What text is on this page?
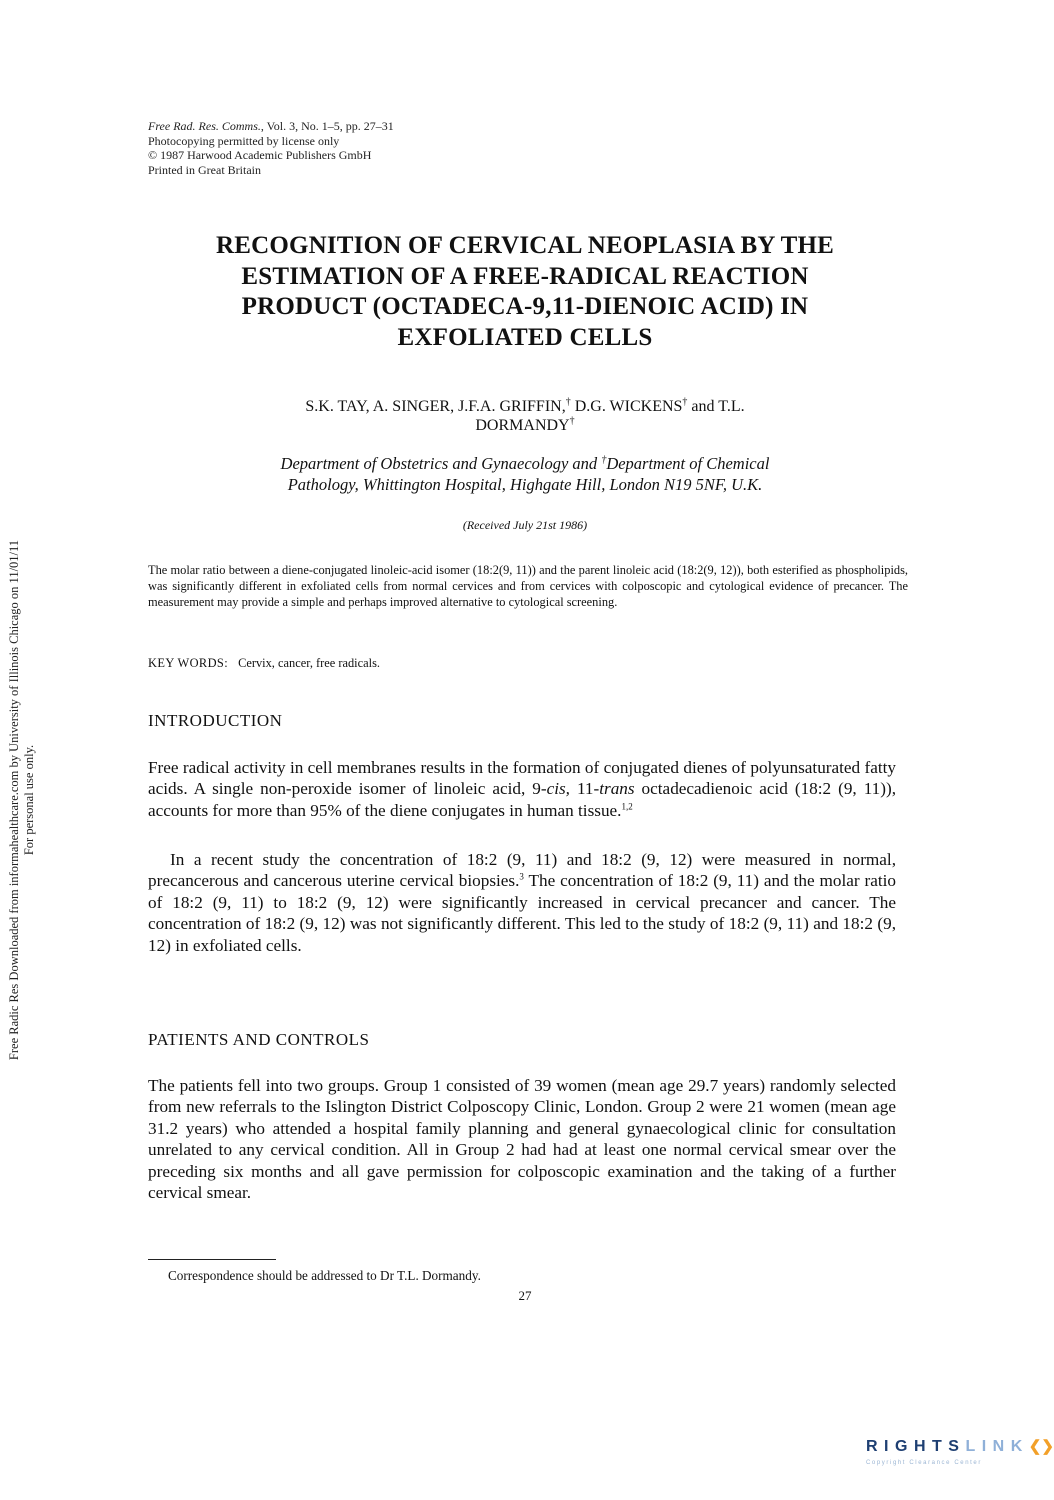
Free Radic Res Downloaded from informahealthcare.com by University of Illinois Chicago on 11/01/11 For personal use only.
Free Rad. Res. Comms., Vol. 3, No. 1–5, pp. 27–31
Photocopying permitted by license only
© 1987 Harwood Academic Publishers GmbH
Printed in Great Britain
RECOGNITION OF CERVICAL NEOPLASIA BY THE
ESTIMATION OF A FREE-RADICAL REACTION
PRODUCT (OCTADECA-9,11-DIENOIC ACID) IN
EXFOLIATED CELLS
S.K. TAY, A. SINGER, J.F.A. GRIFFIN,† D.G. WICKENS† and T.L.
DORMANDY†
Department of Obstetrics and Gynaecology and †Department of Chemical
Pathology, Whittington Hospital, Highgate Hill, London N19 5NF, U.K.
(Received July 21st 1986)
The molar ratio between a diene-conjugated linoleic-acid isomer (18:2(9, 11)) and the parent linoleic acid (18:2(9, 12)), both esterified as phospholipids, was significantly different in exfoliated cells from normal cervices and from cervices with colposcopic and cytological evidence of precancer. The measurement may provide a simple and perhaps improved alternative to cytological screening.
KEY WORDS: Cervix, cancer, free radicals.
INTRODUCTION

Free radical activity in cell membranes results in the formation of conjugated dienes of polyunsaturated fatty acids. A single non-peroxide isomer of linoleic acid, 9-cis, 11-trans octadecadienoic acid (18:2 (9, 11)), accounts for more than 95% of the diene conjugates in human tissue.$^{1,2}$

In a recent study the concentration of 18:2 (9, 11) and 18:2 (9, 12) were measured in normal, precancerous and cancerous uterine cervical biopsies.$^3$ The concentration of 18:2 (9, 11) and the molar ratio of 18:2 (9, 11) to 18:2 (9, 12) were significantly increased in cervical precancer and cancer. The concentration of 18:2 (9, 12) was not significantly different. This led to the study of 18:2 (9, 11) and 18:2 (9, 12) in exfoliated cells.

PATIENTS AND CONTROLS

The patients fell into two groups. Group 1 consisted of 39 women (mean age 29.7 years) randomly selected from new referrals to the Islington District Colposcopy Clinic, London. Group 2 were 21 women (mean age 31.2 years) who attended a hospital family planning and general gynaecological clinic for consultation unrelated to any cervical condition. All in Group 2 had had at least one normal cervical smear over the preceding six months and all gave permission for colposcopic examination and the taking of a further cervical smear.

Correspondence should be addressed to Dr T.L. Dormandy.
27
RIGHTSLINK❮❯
Copyright Clearance Center
